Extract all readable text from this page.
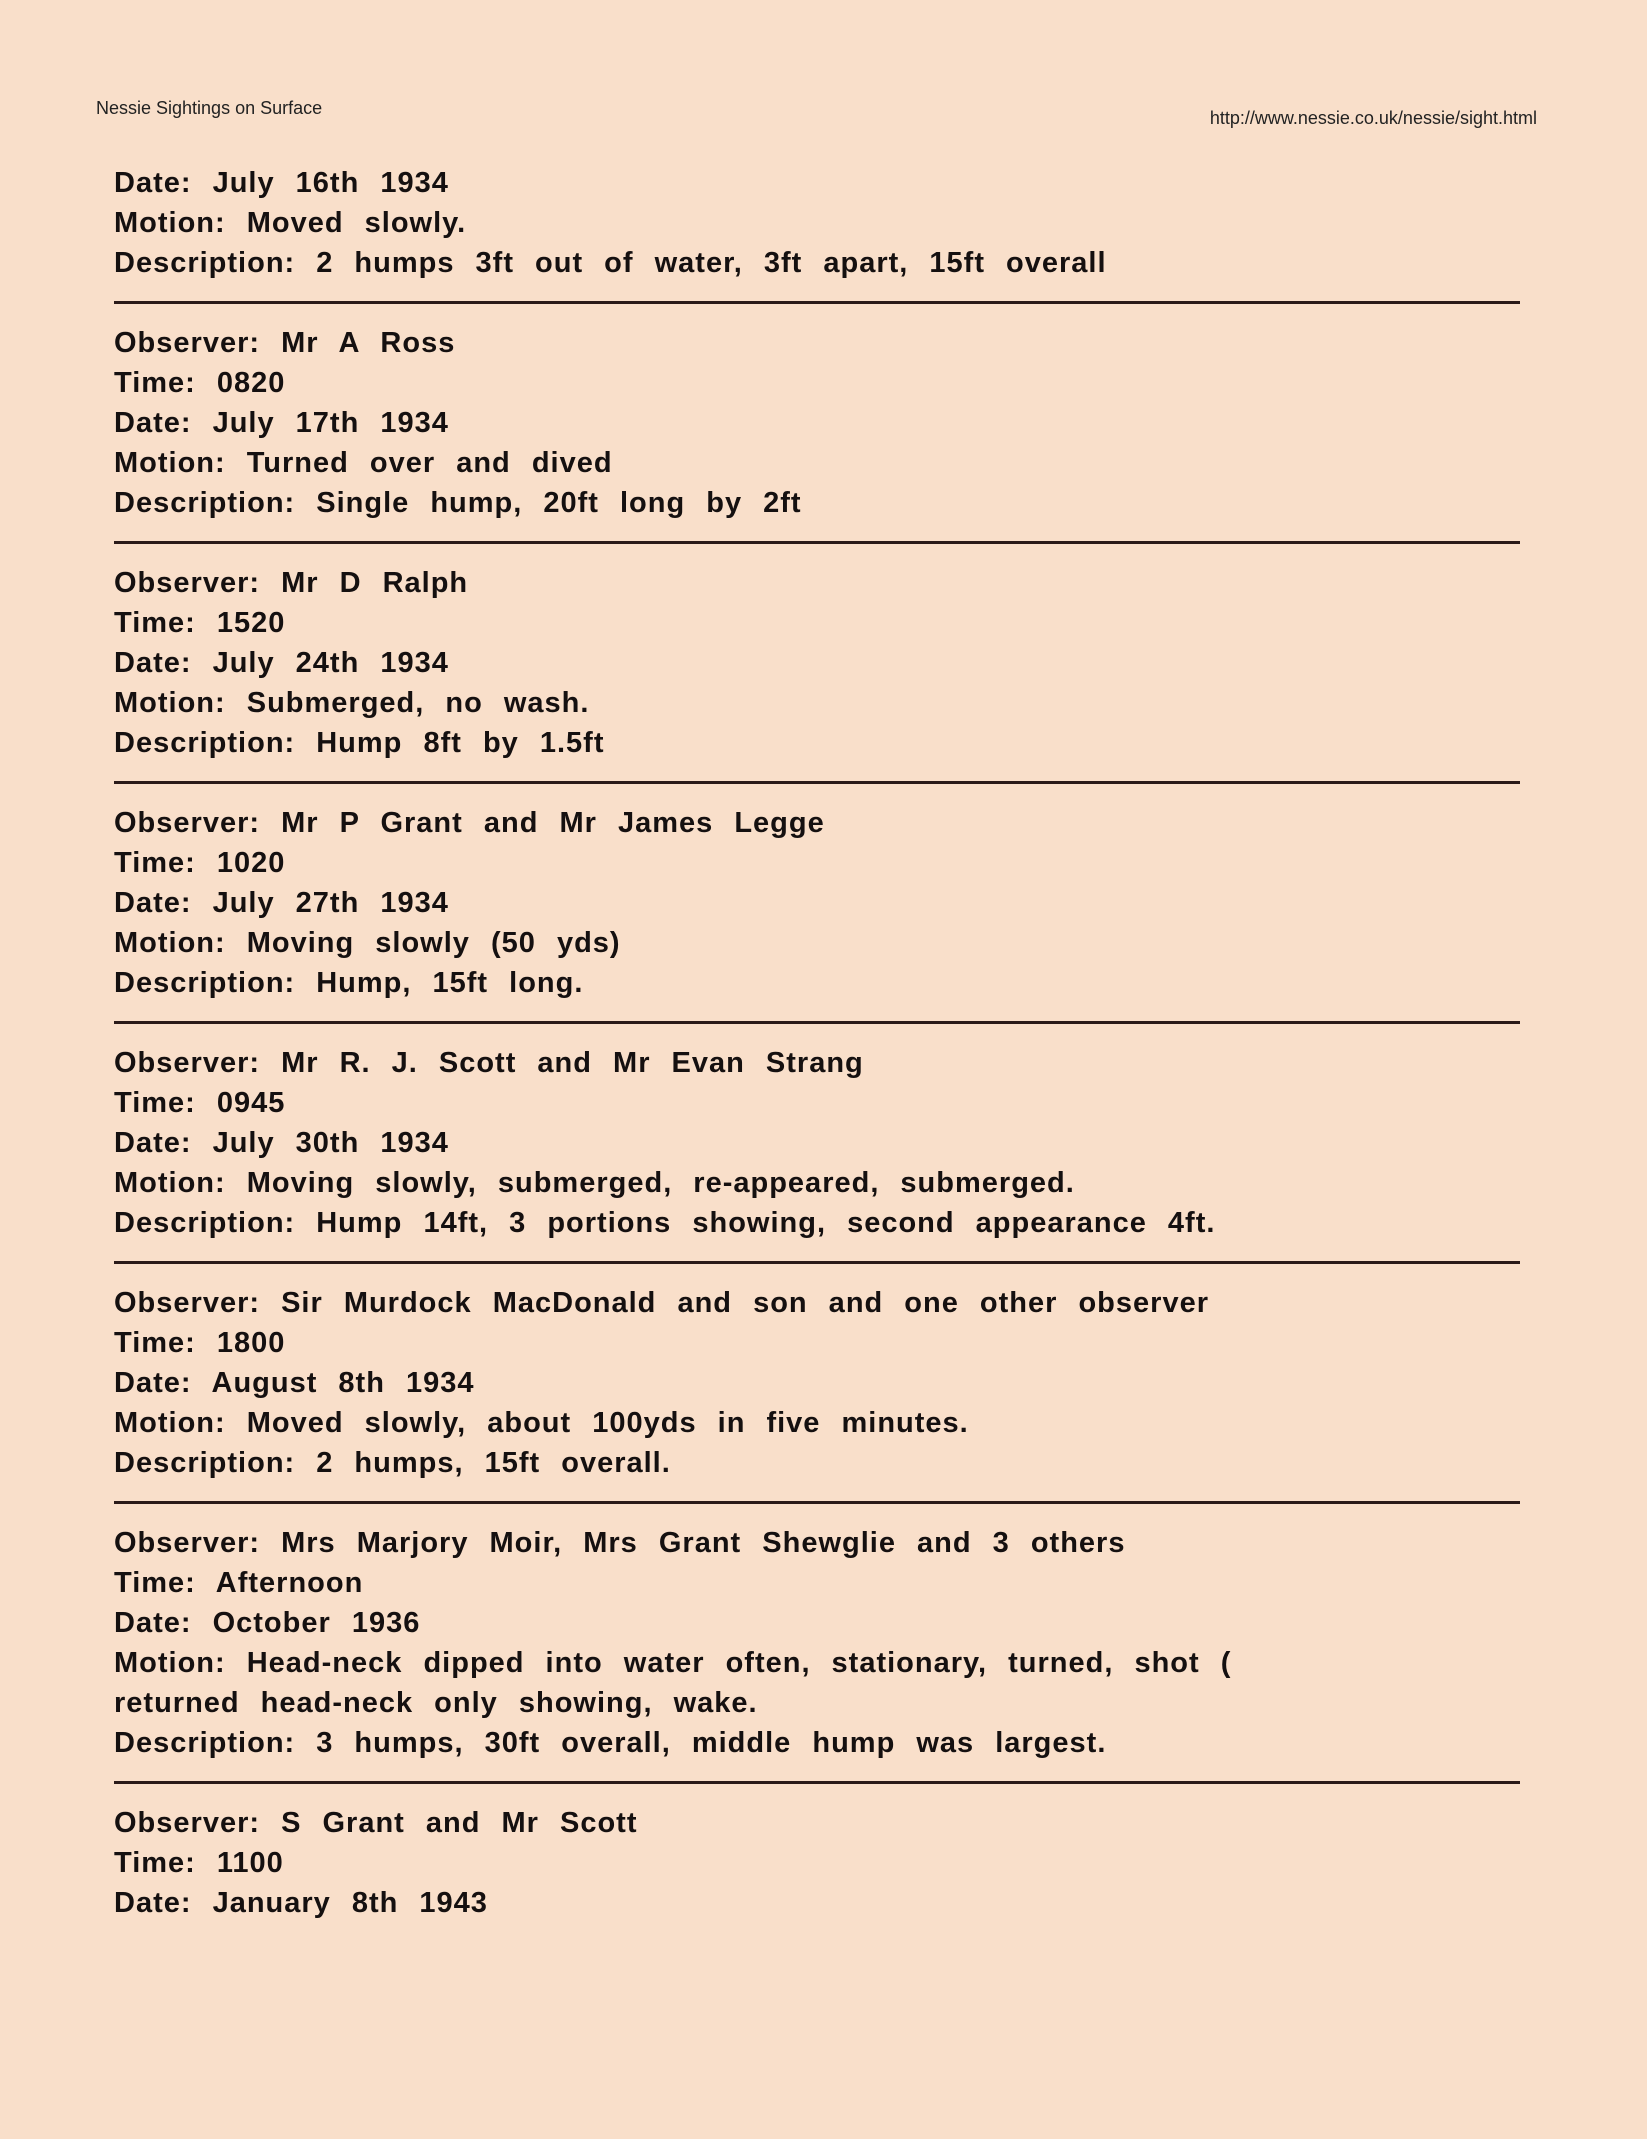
Nessie Sightings on Surface	http://www.nessie.co.uk/nessie/sight.html
Date: July 16th 1934
Motion: Moved slowly.
Description: 2 humps 3ft out of water, 3ft apart, 15ft overall
Observer: Mr A Ross
Time: 0820
Date: July 17th 1934
Motion: Turned over and dived
Description: Single hump, 20ft long by 2ft
Observer: Mr D Ralph
Time: 1520
Date: July 24th 1934
Motion: Submerged, no wash.
Description: Hump 8ft by 1.5ft
Observer: Mr P Grant and Mr James Legge
Time: 1020
Date: July 27th 1934
Motion: Moving slowly (50 yds)
Description: Hump, 15ft long.
Observer: Mr R. J. Scott and Mr Evan Strang
Time: 0945
Date: July 30th 1934
Motion: Moving slowly, submerged, re-appeared, submerged.
Description: Hump 14ft, 3 portions showing, second appearance 4ft.
Observer: Sir Murdock MacDonald and son and one other observer
Time: 1800
Date: August 8th 1934
Motion: Moved slowly, about 100yds in five minutes.
Description: 2 humps, 15ft overall.
Observer: Mrs Marjory Moir, Mrs Grant Shewglie and 3 others
Time: Afternoon
Date: October 1936
Motion: Head-neck dipped into water often, stationary, turned, shot (
returned head-neck only showing, wake.
Description: 3 humps, 30ft overall, middle hump was largest.
Observer: S Grant and Mr Scott
Time: 1100
Date: January 8th 1943
